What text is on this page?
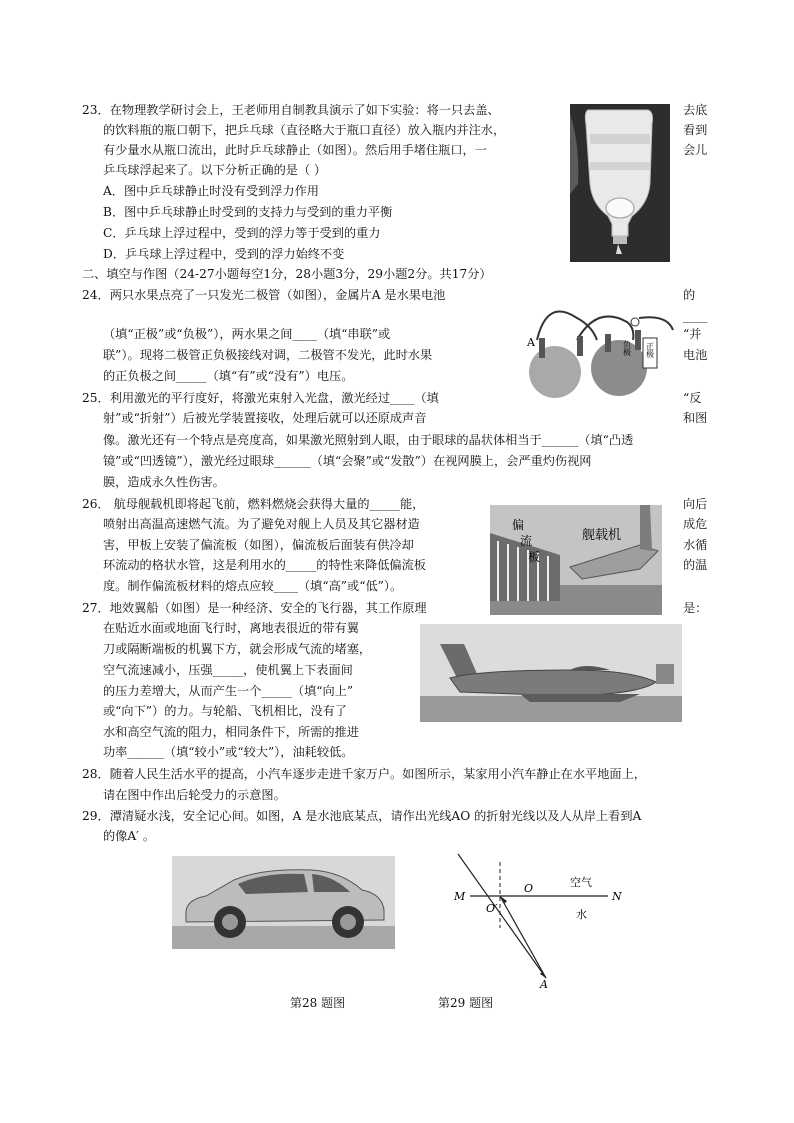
23．在物理教学研讨会上，王老师用自制教具演示了如下实验：将一只去盖、
的饮料瓶的瓶口朝下，把乒乓球（直径略大于瓶口直径）放入瓶内并注水，
有少量水从瓶口流出，此时乒乓球静止（如图）。然后用手堵住瓶口，一
乒乓球浮起来了。以下分析正确的是（ ）
去底
看到
会儿
A．图中乒乓球静止时没有受到浮力作用
B．图中乒乓球静止时受到的支持力与受到的重力平衡
C．乒乓球上浮过程中，受到的浮力等于受到的重力
D．乒乓球上浮过程中，受到的浮力始终不变
二、填空与作图（24-27小题每空1分，28小题3分，29小题2分。共17分）
24．两只水果点亮了一只发光二极管（如图），金属片A 是水果电池
（填“正极”或“负极”），两水果之间____（填“串联”或
联”）。现将二极管正负极接线对调，二极管不发光，此时水果
的正负极之间_____（填“有”或“没有”）电压。
的
____
“并
电池
A	负极 正极
25．利用激光的平行度好，将激光束射入光盘，激光经过____（填
射”或“折射”）后被光学装置接收，处理后就可以还原成声音
像。激光还有一个特点是亮度高，如果激光照射到人眼，由于眼球的晶状体相当于______（填“凸透
镜”或“凹透镜”），激光经过眼球______（填“会聚”或“发散”）在视网膜上，会严重灼伤视网
膜，造成永久性伤害。
“反
和图
26． 航母舰载机即将起飞前，燃料燃烧会获得大量的_____能，
喷射出高温高速燃气流。为了避免对舰上人员及其它器材造
害，甲板上安装了偏流板（如图），偏流板后面装有供冷却
环流动的格状水管，这是利用水的_____的特性来降低偏流板
度。制作偏流板材料的熔点应较____（填“高”或“低”）。
向后
成危
水循
的温
偏
流
板
舰载机
27．地效翼船（如图）是一种经济、安全的飞行器，其工作原理
在贴近水面或地面飞行时，离地表很近的带有翼
刀或隔断端板的机翼下方，就会形成气流的堵塞，
空气流速减小，压强_____，使机翼上下表面间
的压力差增大，从而产生一个_____（填“向上”
或“向下”）的力。与轮船、飞机相比，没有了
水和高空气流的阻力，相同条件下，所需的推进
功率______（填“较小”或“较大”），油耗较低。
是：
28．随着人民生活水平的提高，小汽车逐步走进千家万户。如图所示，某家用小汽车静止在水平地面上，
请在图中作出后轮受力的示意图。
29．潭清疑水浅，安全记心间。如图，A 是水池底某点，请作出光线AO 的折射光线以及人从岸上看到A
的像A′ 。
M	N
O
O′
A
空气
水
第28 题图	第29 题图
